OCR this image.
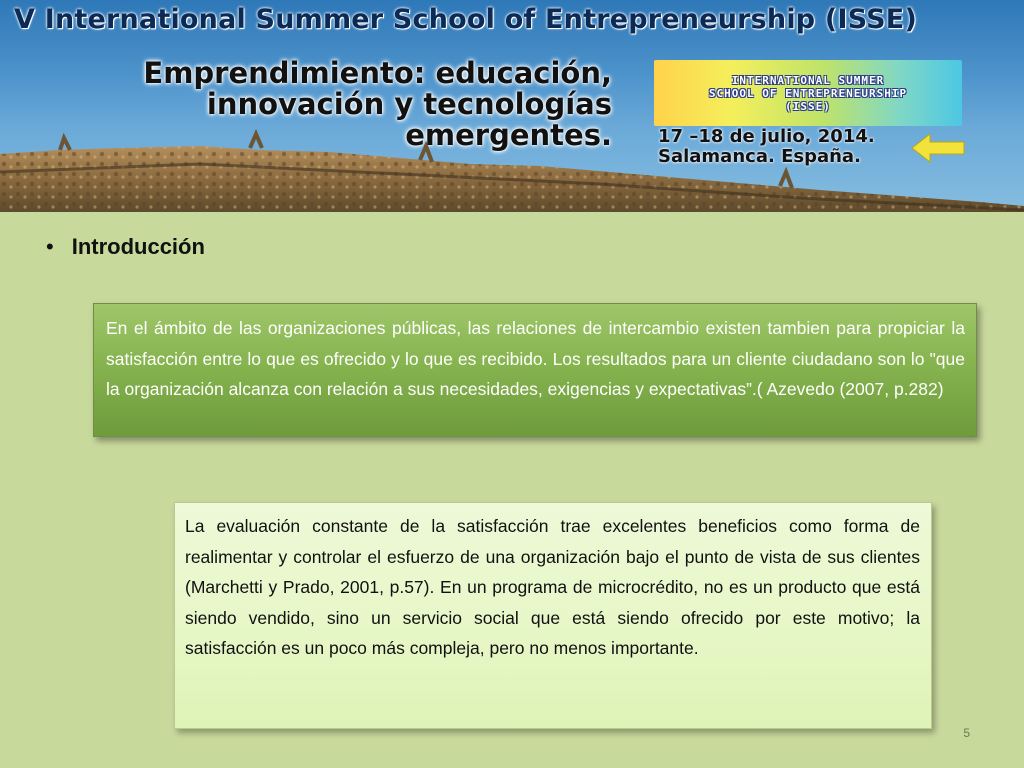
V International Summer School of Entrepreneurship (ISSE)
Emprendimiento: educación,
innovación y tecnologías
emergentes.
INTERNATIONAL SUMMER
SCHOOL OF ENTREPRENEURSHIP
(ISSE)
17 –18 de julio, 2014.
Salamanca. España.
• Introducción

En el ámbito de las organizaciones públicas, las relaciones de intercambio existen tambien para propiciar la satisfacción entre lo que es ofrecido y lo que es recibido. Los resultados para un cliente ciudadano son lo "que la organización alcanza con relación a sus necesidades, exigencias y expectativas”.( Azevedo (2007, p.282)

La evaluación constante de la satisfacción trae excelentes beneficios como forma de realimentar y controlar el esfuerzo de una organización bajo el punto de vista de sus clientes (Marchetti y Prado, 2001, p.57). En un programa de microcrédito, no es un producto que está siendo vendido, sino un servicio social que está siendo ofrecido por este motivo; la satisfacción es un poco más compleja, pero no menos importante.

5
